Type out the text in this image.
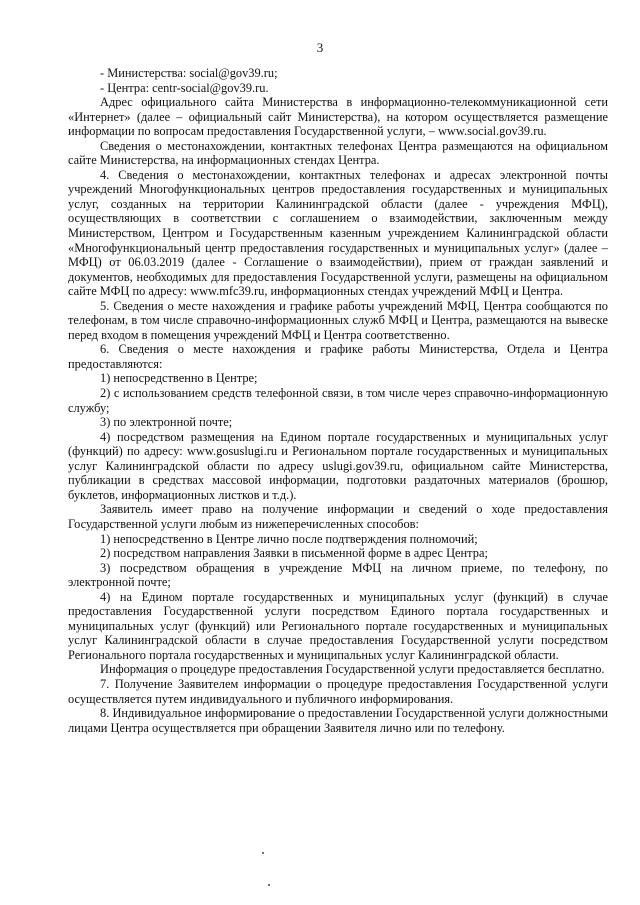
3

- Министерства: social@gov39.ru;

- Центра: centr-social@gov39.ru.

Адрес официального сайта Министерства в информационно-телекоммуникационной сети «Интернет» (далее – официальный сайт Министерства), на котором осуществляется размещение информации по вопросам предоставления Государственной услуги, – www.social.gov39.ru.

Сведения о местонахождении, контактных телефонах Центра размещаются на официальном сайте Министерства, на информационных стендах Центра.

4. Сведения о местонахождении, контактных телефонах и адресах электронной почты учреждений Многофункциональных центров предоставления государственных и муниципальных услуг, созданных на территории Калининградской области (далее - учреждения МФЦ), осуществляющих в соответствии с соглашением о взаимодействии, заключенным между Министерством, Центром и Государственным казенным учреждением Калининградской области «Многофункциональный центр предоставления государственных и муниципальных услуг» (далее – МФЦ) от 06.03.2019 (далее - Соглашение о взаимодействии), прием от граждан заявлений и документов, необходимых для предоставления Государственной услуги, размещены на официальном сайте МФЦ по адресу: www.mfc39.ru, информационных стендах учреждений МФЦ и Центра.

5. Сведения о месте нахождения и графике работы учреждений МФЦ, Центра сообщаются по телефонам, в том числе справочно-информационных служб МФЦ и Центра, размещаются на вывеске перед входом в помещения учреждений МФЦ и Центра соответственно.

6. Сведения о месте нахождения и графике работы Министерства, Отдела и Центра предоставляются:

1) непосредственно в Центре;

2) с использованием средств телефонной связи, в том числе через справочно-информационную службу;

3) по электронной почте;

4) посредством размещения на Едином портале государственных и муниципальных услуг (функций) по адресу: www.gosuslugi.ru и Региональном портале государственных и муниципальных услуг Калининградской области по адресу uslugi.gov39.ru, официальном сайте Министерства, публикации в средствах массовой информации, подготовки раздаточных материалов (брошюр, буклетов, информационных листков и т.д.).

Заявитель имеет право на получение информации и сведений о ходе предоставления Государственной услуги любым из нижеперечисленных способов:

1) непосредственно в Центре лично после подтверждения полномочий;

2) посредством направления Заявки в письменной форме в адрес Центра;

3) посредством обращения в учреждение МФЦ на личном приеме, по телефону, по электронной почте;

4) на Едином портале государственных и муниципальных услуг (функций) в случае предоставления Государственной услуги посредством Единого портала государственных и муниципальных услуг (функций) или Регионального портале государственных и муниципальных услуг Калининградской области в случае предоставления Государственной услуги посредством Регионального портала государственных и муниципальных услуг Калининградской области.

Информация о процедуре предоставления Государственной услуги предоставляется бесплатно.

7. Получение Заявителем информации о процедуре предоставления Государственной услуги осуществляется путем индивидуального и публичного информирования.

8. Индивидуальное информирование о предоставлении Государственной услуги должностными лицами Центра осуществляется при обращении Заявителя лично или по телефону.
